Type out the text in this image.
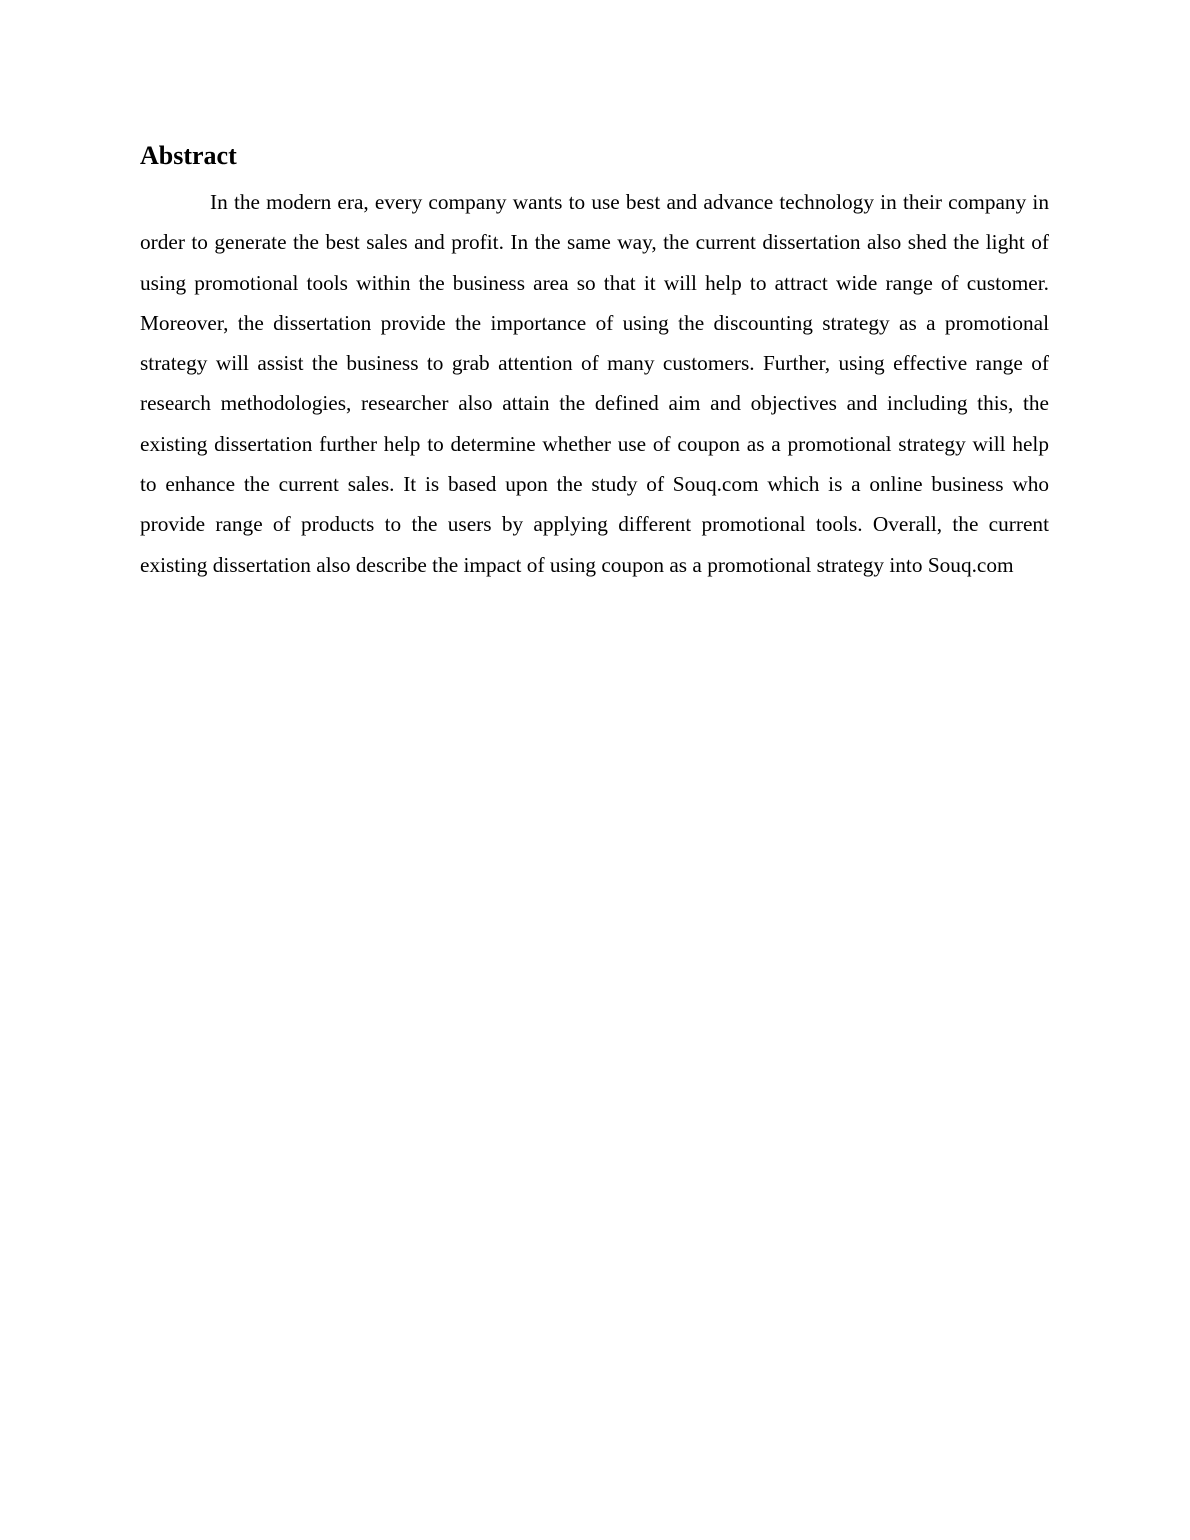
Abstract

In the modern era, every company wants to use best and advance technology in their company in order to generate the best sales and profit. In the same way, the current dissertation also shed the light of using promotional tools within the business area so that it will help to attract wide range of customer. Moreover, the dissertation provide the importance of using the discounting strategy as a promotional strategy will assist the business to grab attention of many customers. Further, using effective range of research methodologies, researcher also attain the defined aim and objectives and including this, the existing dissertation further help to determine whether use of coupon as a promotional strategy will help to enhance the current sales. It is based upon the study of Souq.com which is a online business who provide range of products to the users by applying different promotional tools. Overall, the current existing dissertation also describe the impact of using coupon as a promotional strategy into Souq.com
